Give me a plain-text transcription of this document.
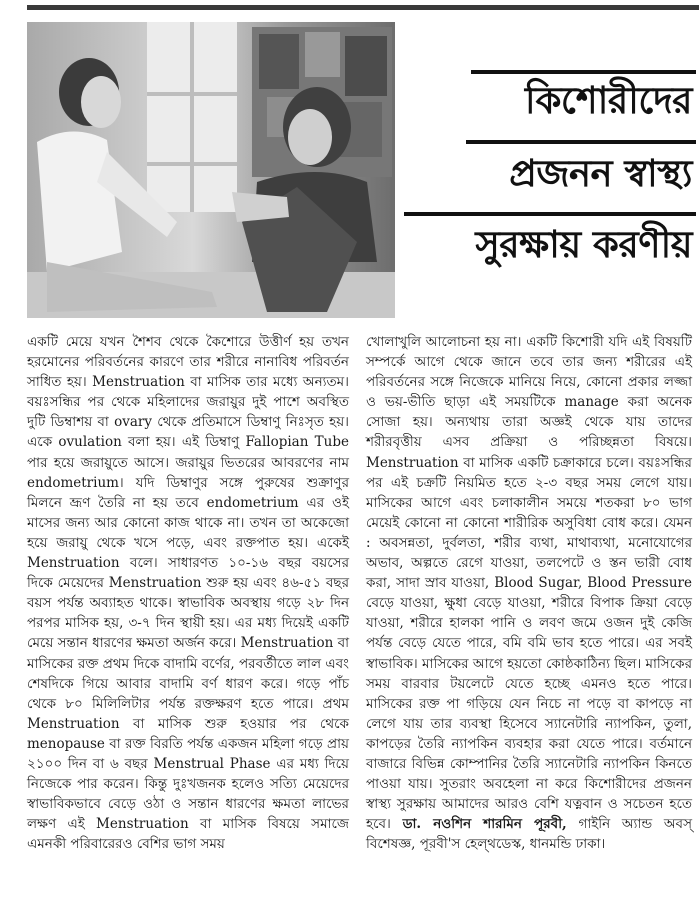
কিশোরীদের
প্রজনন স্বাস্থ্য
সুরক্ষায় করণীয়

একটি মেয়ে যখন শৈশব থেকে কৈশোরে উত্তীর্ণ হয় তখন হরমোনের পরিবর্তনের কারণে তার শরীরে নানাবিধ পরিবর্তন সাধিত হয়। Menstruation বা মাসিক তার মধ্যে অন্যতম। বয়ঃসন্ধির পর থেকে মহিলাদের জরায়ুর দুই পাশে অবস্থিত দুটি ডিম্বাশয় বা ovary থেকে প্রতিমাসে ডিম্বাণু নিঃসৃত হয়। একে ovulation বলা হয়। এই ডিম্বাণু Fallopian Tube পার হয়ে জরায়ুতে আসে। জরায়ুর ভিতরের আবরণের নাম endometrium। যদি ডিম্বাণুর সঙ্গে পুরুষের শুক্রাণুর মিলনে ভ্রূণ তৈরি না হয় তবে endometrium এর ওই মাসের জন্য আর কোনো কাজ থাকে না। তখন তা অকেজো হয়ে জরায়ু থেকে খসে পড়ে, এবং রক্তপাত হয়। একেই Menstruation বলে। সাধারণত ১০-১৬ বছর বয়সের দিকে মেয়েদের Menstruation শুরু হয় এবং ৪৬-৫১ বছর বয়স পর্যন্ত অব্যাহত থাকে। স্বাভাবিক অবস্থায় গড়ে ২৮ দিন পরপর মাসিক হয়, ৩-৭ দিন স্থায়ী হয়। এর মধ্য দিয়েই একটি মেয়ে সন্তান ধারণের ক্ষমতা অর্জন করে। Menstruation বা মাসিকের রক্ত প্রথম দিকে বাদামি বর্ণের, পরবর্তীতে লাল এবং শেষদিকে গিয়ে আবার বাদামি বর্ণ ধারণ করে। গড়ে পাঁচ থেকে ৮০ মিলিলিটার পর্যন্ত রক্তক্ষরণ হতে পারে। প্রথম Menstruation বা মাসিক শুরু হওয়ার পর থেকে menopause বা রক্ত বিরতি পর্যন্ত একজন মহিলা গড়ে প্রায় ২১০০ দিন বা ৬ বছর Menstrual Phase এর মধ্য দিয়ে নিজেকে পার করেন। কিন্তু দুঃখজনক হলেও সত্যি মেয়েদের স্বাভাবিকভাবে বেড়ে ওঠা ও সন্তান ধারণের ক্ষমতা লাভের লক্ষণ এই Menstruation বা মাসিক বিষয়ে সমাজে এমনকী পরিবারেরও বেশির ভাগ সময়

খোলাখুলি আলোচনা হয় না। একটি কিশোরী যদি এই বিষয়টি সম্পর্কে আগে থেকে জানে তবে তার জন্য শরীরের এই পরিবর্তনের সঙ্গে নিজেকে মানিয়ে নিয়ে, কোনো প্রকার লজ্জা ও ভয়-ভীতি ছাড়া এই সময়টিকে manage করা অনেক সোজা হয়। অন্যথায় তারা অজ্ঞই থেকে যায় তাদের শরীরবৃত্তীয় এসব প্রক্রিয়া ও পরিচ্ছন্নতা বিষয়ে। Menstruation বা মাসিক একটি চক্রাকারে চলে। বয়ঃসন্ধির পর এই চক্রটি নিয়মিত হতে ২-৩ বছর সময় লেগে যায়। মাসিকের আগে এবং চলাকালীন সময়ে শতকরা ৮০ ভাগ মেয়েই কোনো না কোনো শারীরিক অসুবিধা বোধ করে। যেমন : অবসন্নতা, দুর্বলতা, শরীর ব্যথা, মাথাব্যথা, মনোযোগের অভাব, অল্পতে রেগে যাওয়া, তলপেটে ও স্তন ভারী বোধ করা, সাদা স্রাব যাওয়া, Blood Sugar, Blood Pressure বেড়ে যাওয়া, ক্ষুধা বেড়ে যাওয়া, শরীরে বিপাক ক্রিয়া বেড়ে যাওয়া, শরীরে হালকা পানি ও লবণ জমে ওজন দুই কেজি পর্যন্ত বেড়ে যেতে পারে, বমি বমি ভাব হতে পারে। এর সবই স্বাভাবিক। মাসিকের আগে হয়তো কোষ্ঠকাঠিন্য ছিল। মাসিকের সময় বারবার টয়লেটে যেতে হচ্ছে এমনও হতে পারে। মাসিকের রক্ত পা গড়িয়ে যেন নিচে না পড়ে বা কাপড়ে না লেগে যায় তার ব্যবস্থা হিসেবে স্যানেটারি ন্যাপকিন, তুলা, কাপড়ের তৈরি ন্যাপকিন ব্যবহার করা যেতে পারে। বর্তমানে বাজারে বিভিন্ন কোম্পানির তৈরি স্যানেটারি ন্যাপকিন কিনতে পাওয়া যায়। সুতরাং অবহেলা না করে কিশোরীদের প্রজনন স্বাস্থ্য সুরক্ষায় আমাদের আরও বেশি যত্নবান ও সচেতন হতে হবে। ডা. নওশিন শারমিন পূরবী, গাইনি অ্যান্ড অবস্ বিশেষজ্ঞ, পূরবী'স হেল্থডেস্ক, ধানমন্ডি ঢাকা।
